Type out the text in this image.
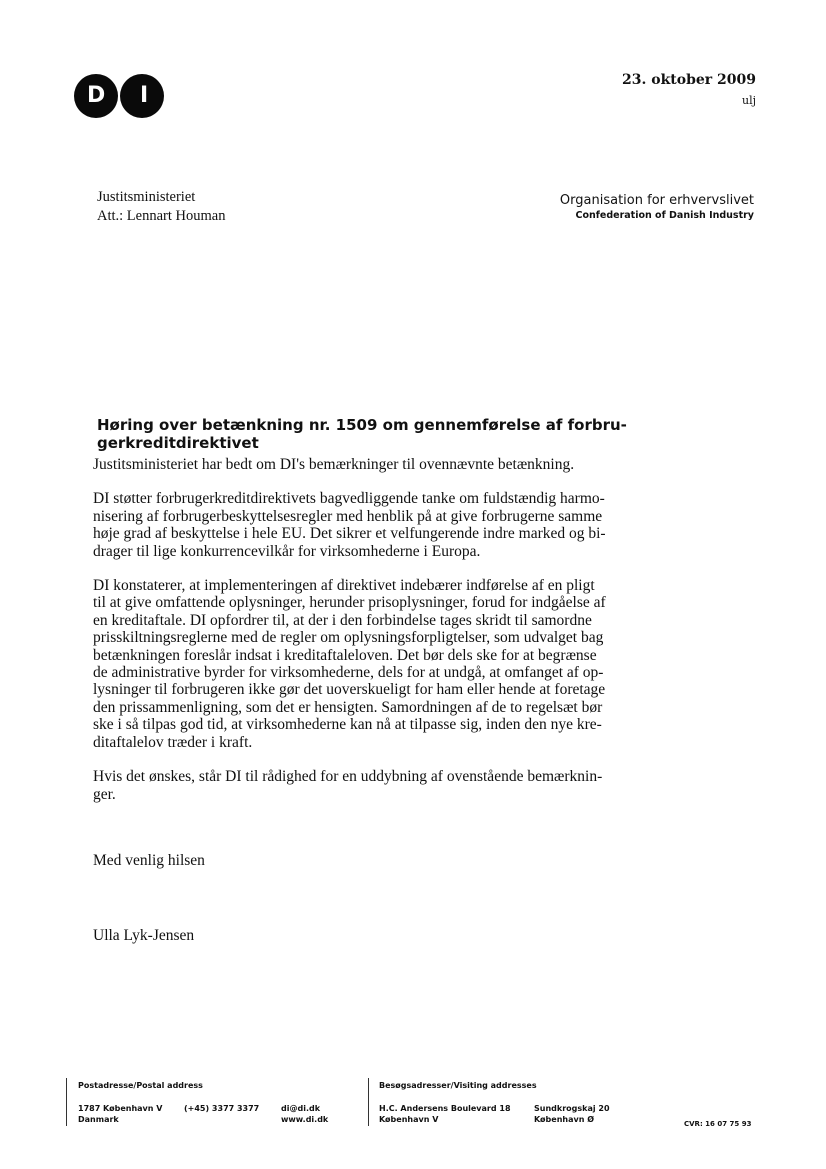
D I
23. oktober 2009
ulj
Justitsministeriet
Att.: Lennart Houman
Organisation for erhvervslivet
Confederation of Danish Industry
Høring over betænkning nr. 1509 om gennemførelse af forbru-
gerkreditdirektivet

Justitsministeriet har bedt om DI's bemærkninger til ovennævnte betænkning.

DI støtter forbrugerkreditdirektivets bagvedliggende tanke om fuldstændig harmo-
nisering af forbrugerbeskyttelsesregler med henblik på at give forbrugerne samme
høje grad af beskyttelse i hele EU. Det sikrer et velfungerende indre marked og bi-
drager til lige konkurrencevilkår for virksomhederne i Europa.

DI konstaterer, at implementeringen af direktivet indebærer indførelse af en pligt
til at give omfattende oplysninger, herunder prisoplysninger, forud for indgåelse af
en kreditaftale. DI opfordrer til, at der i den forbindelse tages skridt til samordne
prisskiltningsreglerne med de regler om oplysningsforpligtelser, som udvalget bag
betænkningen foreslår indsat i kreditaftaleloven. Det bør dels ske for at begrænse
de administrative byrder for virksomhederne, dels for at undgå, at omfanget af op-
lysninger til forbrugeren ikke gør det uoverskueligt for ham eller hende at foretage
den prissammenligning, som det er hensigten. Samordningen af de to regelsæt bør
ske i så tilpas god tid, at virksomhederne kan nå at tilpasse sig, inden den nye kre-
ditaftalelov træder i kraft.

Hvis det ønskes, står DI til rådighed for en uddybning af ovenstående bemærknin-
ger.

Med venlig hilsen
Ulla Lyk-Jensen
Postadresse/Postal address
1787 København V
Danmark
(+45) 3377 3377	di@di.dk
www.di.dk
Besøgsadresser/Visiting addresses
H.C. Andersens Boulevard 18
København V
Sundkrogskaj 20
København Ø	CVR: 16 07 75 93
